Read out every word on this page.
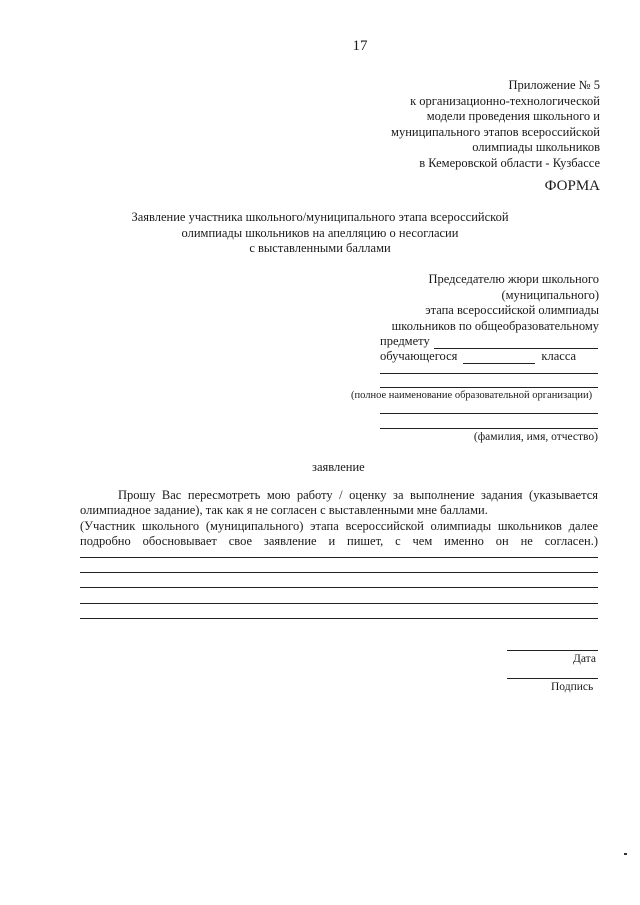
17
Приложение № 5
к организационно-технологической
модели проведения школьного и
муниципального этапов всероссийской
олимпиады школьников
в Кемеровской области - Кузбассе
ФОРМА
Заявление участника школьного/муниципального этапа всероссийской
олимпиады школьников на апелляцию о несогласии
с выставленными баллами
Председателю жюри школьного
(муниципального)
этапа всероссийской олимпиады
школьников по общеобразовательному
предмету
обучающегося	класса
(полное наименование образовательной организации)
(фамилия, имя, отчество)
заявление
Прошу Вас пересмотреть мою работу / оценку за выполнение задания (указывается
олимпиадное задание), так как я не согласен с выставленными мне баллами.
(Участник школьного (муниципального) этапа всероссийской олимпиады школьников далее
подробно обосновывает свое заявление и пишет, с чем именно он не согласен.)
Дата
Подпись
